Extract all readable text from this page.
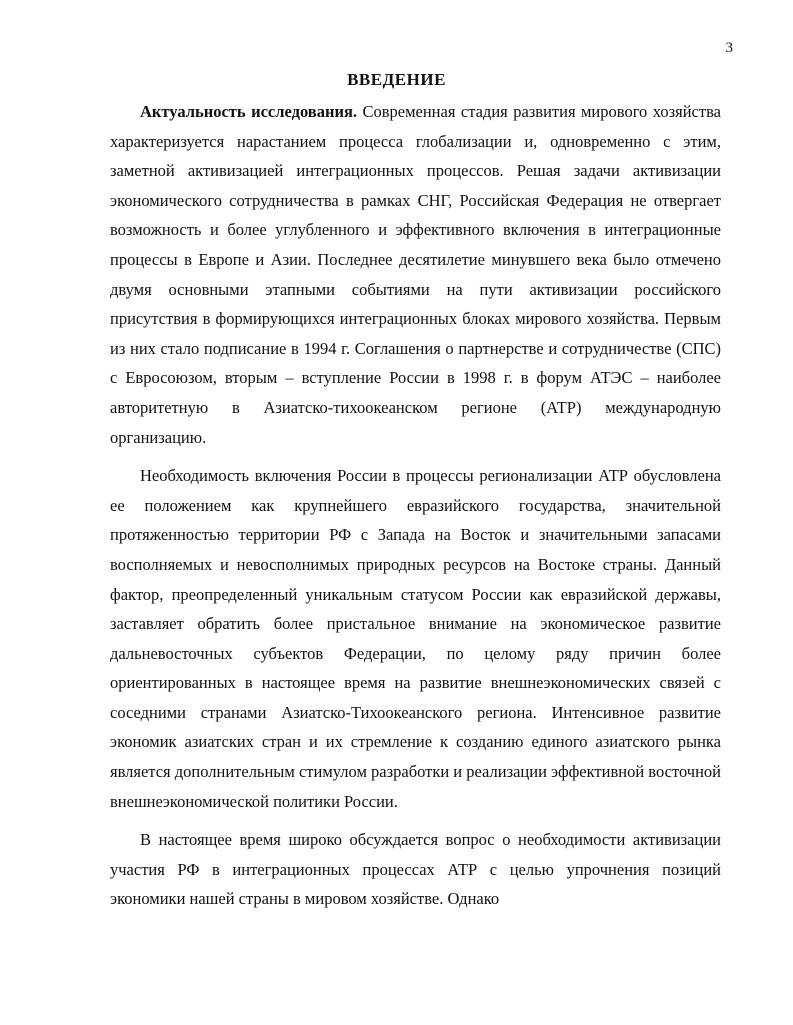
3
ВВЕДЕНИЕ

Актуальность исследования. Современная стадия развития мирового хозяйства характеризуется нарастанием процесса глобализации и, одновременно с этим, заметной активизацией интеграционных процессов. Решая задачи активизации экономического сотрудничества в рамках СНГ, Российская Федерация не отвергает возможность и более углубленного и эффективного включения в интеграционные процессы в Европе и Азии. Последнее десятилетие минувшего века было отмечено двумя основными этапными событиями на пути активизации российского присутствия в формирующихся интеграционных блоках мирового хозяйства. Первым из них стало подписание в 1994 г. Соглашения о партнерстве и сотрудничестве (СПС) с Евросоюзом, вторым – вступление России в 1998 г. в форум АТЭС – наиболее авторитетную в Азиатско-тихоокеанском регионе (АТР) международную организацию.

Необходимость включения России в процессы регионализации АТР обусловлена ее положением как крупнейшего евразийского государства, значительной протяженностью территории РФ с Запада на Восток и значительными запасами восполняемых и невосполнимых природных ресурсов на Востоке страны. Данный фактор, преопределенный уникальным статусом России как евразийской державы, заставляет обратить более пристальное внимание на экономическое развитие дальневосточных субъектов Федерации, по целому ряду причин более ориентированных в настоящее время на развитие внешнеэкономических связей с соседними странами Азиатско-Тихоокеанского региона. Интенсивное развитие экономик азиатских стран и их стремление к созданию единого азиатского рынка является дополнительным стимулом разработки и реализации эффективной восточной внешнеэкономической политики России.

В настоящее время широко обсуждается вопрос о необходимости активизации участия РФ в интеграционных процессах АТР с целью упрочнения позиций экономики нашей страны в мировом хозяйстве. Однако
